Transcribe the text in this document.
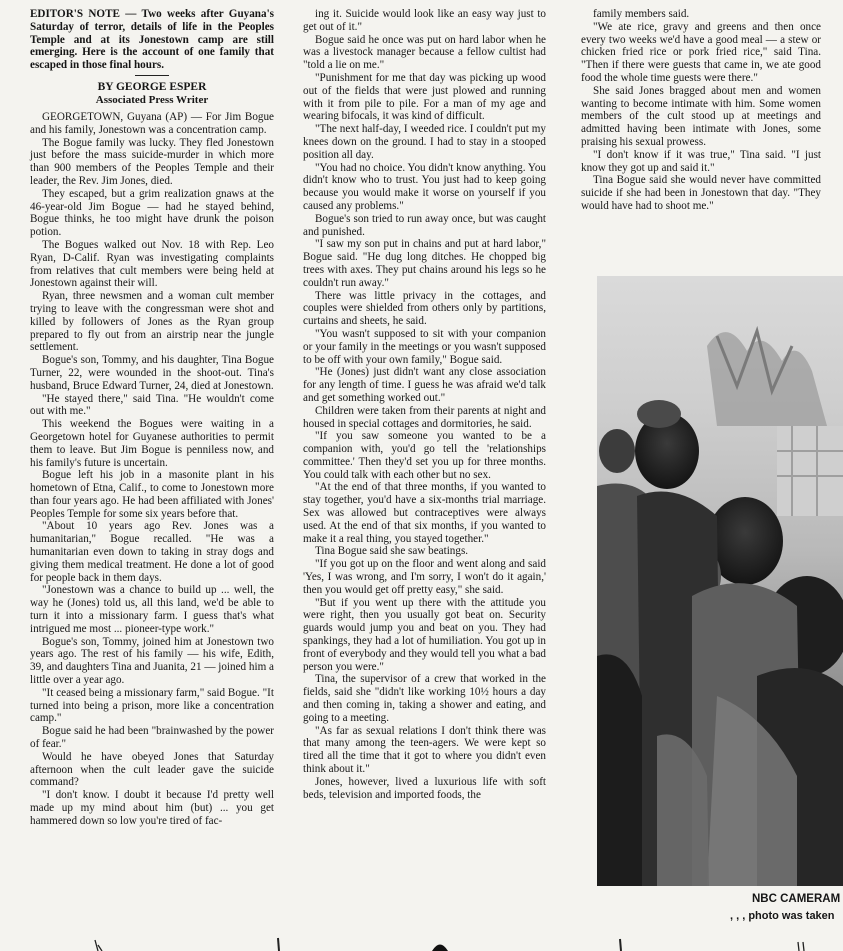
EDITOR'S NOTE — Two weeks after Guyana's Saturday of terror, details of life in the Peoples Temple and at its Jonestown camp are still emerging. Here is the account of one family that escaped in those final hours.

BY GEORGE ESPER

Associated Press Writer

GEORGETOWN, Guyana (AP) — For Jim Bogue and his family, Jonestown was a concentration camp.

The Bogue family was lucky. They fled Jonestown just before the mass suicide-murder in which more than 900 members of the Peoples Temple and their leader, the Rev. Jim Jones, died.

They escaped, but a grim realization gnaws at the 46-year-old Jim Bogue — had he stayed behind, Bogue thinks, he too might have drunk the poison potion.

The Bogues walked out Nov. 18 with Rep. Leo Ryan, D-Calif. Ryan was investigating complaints from relatives that cult members were being held at Jonestown against their will.

Ryan, three newsmen and a woman cult member trying to leave with the congressman were shot and killed by followers of Jones as the Ryan group prepared to fly out from an airstrip near the jungle settlement.

Bogue's son, Tommy, and his daughter, Tina Bogue Turner, 22, were wounded in the shoot-out. Tina's husband, Bruce Edward Turner, 24, died at Jonestown.

"He stayed there," said Tina. "He wouldn't come out with me."

This weekend the Bogues were waiting in a Georgetown hotel for Guyanese authorities to permit them to leave. But Jim Bogue is penniless now, and his family's future is uncertain.

Bogue left his job in a masonite plant in his hometown of Etna, Calif., to come to Jonestown more than four years ago. He had been affiliated with Jones' Peoples Temple for some six years before that.

"About 10 years ago Rev. Jones was a humanitarian," Bogue recalled. "He was a humanitarian even down to taking in stray dogs and giving them medical treatment. He done a lot of good for people back in them days.

"Jonestown was a chance to build up ... well, the way he (Jones) told us, all this land, we'd be able to turn it into a missionary farm. I guess that's what intrigued me most ... pioneer-type work."

Bogue's son, Tommy, joined him at Jonestown two years ago. The rest of his family — his wife, Edith, 39, and daughters Tina and Juanita, 21 — joined him a little over a year ago.

"It ceased being a missionary farm," said Bogue. "It turned into being a prison, more like a concentration camp."

Bogue said he had been "brainwashed by the power of fear."

Would he have obeyed Jones that Saturday afternoon when the cult leader gave the suicide command?

"I don't know. I doubt it because I'd pretty well made up my mind about him (but) ... you get hammered down so low you're tired of fac-

ing it. Suicide would look like an easy way just to get out of it."

Bogue said he once was put on hard labor when he was a livestock manager because a fellow cultist had "told a lie on me."

"Punishment for me that day was picking up wood out of the fields that were just plowed and running with it from pile to pile. For a man of my age and wearing bifocals, it was kind of difficult.

"The next half-day, I weeded rice. I couldn't put my knees down on the ground. I had to stay in a stooped position all day.

"You had no choice. You didn't know anything. You didn't know who to trust. You just had to keep going because you would make it worse on yourself if you caused any problems."

Bogue's son tried to run away once, but was caught and punished.

"I saw my son put in chains and put at hard labor," Bogue said. "He dug long ditches. He chopped big trees with axes. They put chains around his legs so he couldn't run away."

There was little privacy in the cottages, and couples were shielded from others only by partitions, curtains and sheets, he said.

"You wasn't supposed to sit with your companion or your family in the meetings or you wasn't supposed to be off with your own family," Bogue said.

"He (Jones) just didn't want any close association for any length of time. I guess he was afraid we'd talk and get something worked out."

Children were taken from their parents at night and housed in special cottages and dormitories, he said.

"If you saw someone you wanted to be a companion with, you'd go tell the 'relationships committee.' Then they'd set you up for three months. You could talk with each other but no sex.

"At the end of that three months, if you wanted to stay together, you'd have a six-months trial marriage. Sex was allowed but contraceptives were always used. At the end of that six months, if you wanted to make it a real thing, you stayed together."

Tina Bogue said she saw beatings.

"If you got up on the floor and went along and said 'Yes, I was wrong, and I'm sorry, I won't do it again,' then you would get off pretty easy," she said.

"But if you went up there with the attitude you were right, then you usually got beat on. Security guards would jump you and beat on you. They had spankings, they had a lot of humiliation. You got up in front of everybody and they would tell you what a bad person you were."

Tina, the supervisor of a crew that worked in the fields, said she "didn't like working 10½ hours a day and then coming in, taking a shower and eating, and going to a meeting.

"As far as sexual relations I don't think there was that many among the teen-agers. We were kept so tired all the time that it got to where you didn't even think about it."

Jones, however, lived a luxurious life with soft beds, television and imported foods, the

family members said.

"We ate rice, gravy and greens and then once every two weeks we'd have a good meal — a stew or chicken fried rice or pork fried rice," said Tina. "Then if there were guests that came in, we ate good food the whole time guests were there."

She said Jones bragged about men and women wanting to become intimate with him. Some women members of the cult stood up at meetings and admitted having been intimate with Jones, some praising his sexual prowess.

"I don't know if it was true," Tina said. "I just know they got up and said it."

Tina Bogue said she would never have committed suicide if she had been in Jonestown that day. "They would have had to shoot me."

NBC CAMERAM
, , , photo was taken
